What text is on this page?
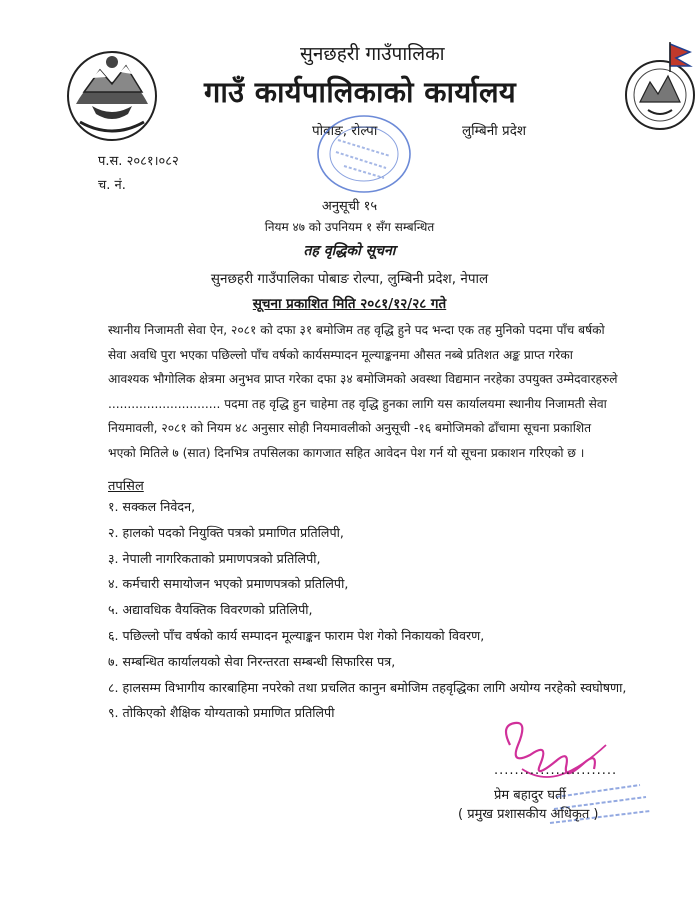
सुनछहरी गाउँपालिका
गाउँ कार्यपालिकाको कार्यालय
पोवाङ, रोल्पा	लुम्बिनी प्रदेश
प.स. २०८१।०८२
च. नं.
अनुसूची १५
नियम ४७ को उपनियम १ सँग सम्बन्धित
तह वृद्धिको सूचना
सुनछहरी गाउँपालिका पोबाङ रोल्पा, लुम्बिनी प्रदेश, नेपाल
सूचना प्रकाशित मिति २०८१/१२/२८ गते
स्थानीय निजामती सेवा ऐन, २०८१ को दफा ३१ बमोजिम तह वृद्धि हुने पद भन्दा एक तह मुनिको पदमा पाँच बर्षको
सेवा अवधि पुरा भएका पछिल्लो पाँच वर्षको कार्यसम्पादन मूल्याङ्कनमा औसत नब्बे प्रतिशत अङ्क प्राप्त गरेका
आवश्यक भौगोलिक क्षेत्रमा अनुभव प्राप्त गरेका दफा ३४ बमोजिमको अवस्था विद्यमान नरहेका उपयुक्त उम्मेदवारहरुले
............................. पदमा तह वृद्धि हुन चाहेमा तह वृद्धि हुनका लागि यस कार्यालयमा स्थानीय निजामती सेवा
नियमावली, २०८१ को नियम ४८ अनुसार सोही नियमावलीको अनुसूची -१६ बमोजिमको ढाँचामा सूचना प्रकाशित
भएको मितिले ७ (सात) दिनभित्र तपसिलका कागजात सहित आवेदन पेश गर्न यो सूचना प्रकाशन गरिएको छ ।
तपसिल
१. सक्कल निवेदन,
२. हालको पदको नियुक्ति पत्रको प्रमाणित प्रतिलिपी,
३. नेपाली नागरिकताको प्रमाणपत्रको प्रतिलिपी,
४. कर्मचारी समायोजन भएको प्रमाणपत्रको प्रतिलिपी,
५. अद्यावधिक वैयक्तिक विवरणको प्रतिलिपी,
६. पछिल्लो पाँच वर्षको कार्य सम्पादन मूल्याङ्कन फाराम पेश गेको निकायको विवरण,
७. सम्बन्धित कार्यालयको सेवा निरन्तरता सम्बन्धी सिफारिस पत्र,
८. हालसम्म विभागीय कारबाहिमा नपरेको तथा प्रचलित कानुन बमोजिम तहवृद्धिका लागि अयोग्य नरहेको स्वघोषणा,
९. तोकिएको शैक्षिक योग्यताको प्रमाणित प्रतिलिपी
........................
प्रेम बहादुर घर्ती
( प्रमुख प्रशासकीय अधिकृत )
